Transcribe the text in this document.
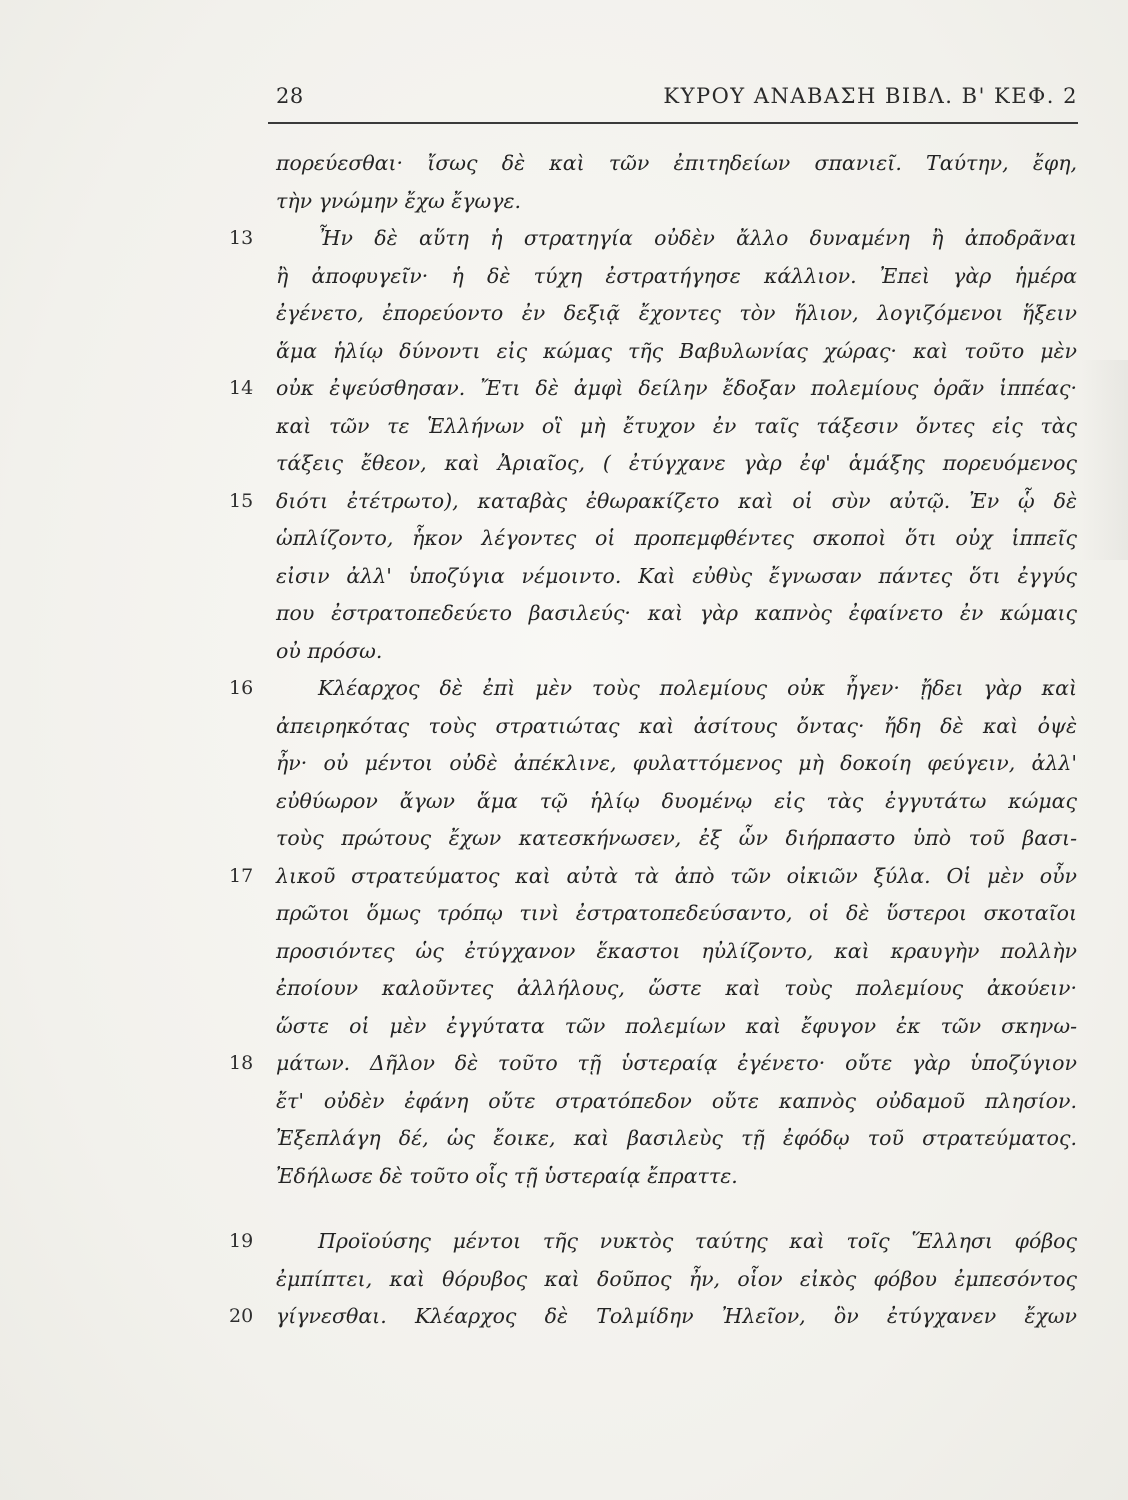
28	ΚΥΡΟΥ ΑΝΑΒΑΣΗ ΒΙΒΛ. Β' ΚΕΦ. 2
πορεύεσθαι· ἴσως δὲ καὶ τῶν ἐπιτηδείων σπανιεῖ. Ταύτην, ἔφη,
τὴν γνώμην ἔχω ἔγωγε.
13	Ἦν δὲ αὕτη ἡ στρατηγία οὐδὲν ἄλλο δυναμένη ἢ ἀποδρᾶναι
ἢ ἀποφυγεῖν· ἡ δὲ τύχη ἐστρατήγησε κάλλιον. Ἐπεὶ γὰρ ἡμέρα
ἐγένετο, ἐπορεύοντο ἐν δεξιᾷ ἔχοντες τὸν ἥλιον, λογιζόμενοι ἥξειν
ἅμα ἡλίῳ δύνοντι εἰς κώμας τῆς Βαβυλωνίας χώρας· καὶ τοῦτο μὲν
14	οὐκ ἐψεύσθησαν. Ἔτι δὲ ἀμφὶ δείλην ἔδοξαν πολεμίους ὁρᾶν ἱππέας·
καὶ τῶν τε Ἑλλήνων οἳ μὴ ἔτυχον ἐν ταῖς τάξεσιν ὄντες εἰς τὰς
τάξεις ἔθεον, καὶ Ἀριαῖος, ( ἐτύγχανε γὰρ ἐφ' ἁμάξης πορευόμενος
15	διότι ἐτέτρωτο), καταβὰς ἐθωρακίζετο καὶ οἱ σὺν αὐτῷ. Ἐν ᾧ δὲ
ὡπλίζοντο, ἧκον λέγοντες οἱ προπεμφθέντες σκοποὶ ὅτι οὐχ ἱππεῖς
εἰσιν ἀλλ' ὑποζύγια νέμοιντο. Καὶ εὐθὺς ἔγνωσαν πάντες ὅτι ἐγγύς
που ἐστρατοπεδεύετο βασιλεύς· καὶ γὰρ καπνὸς ἐφαίνετο ἐν κώμαις
οὐ πρόσω.
16	Κλέαρχος δὲ ἐπὶ μὲν τοὺς πολεμίους οὐκ ἦγεν· ᾔδει γὰρ καὶ
ἀπειρηκότας τοὺς στρατιώτας καὶ ἀσίτους ὄντας· ἤδη δὲ καὶ ὀψὲ
ἦν· οὐ μέντοι οὐδὲ ἀπέκλινε, φυλαττόμενος μὴ δοκοίη φεύγειν, ἀλλ'
εὐθύωρον ἄγων ἅμα τῷ ἡλίῳ δυομένῳ εἰς τὰς ἐγγυτάτω κώμας
τοὺς πρώτους ἔχων κατεσκήνωσεν, ἐξ ὧν διήρπαστο ὑπὸ τοῦ βασι-
17	λικοῦ στρατεύματος καὶ αὐτὰ τὰ ἀπὸ τῶν οἰκιῶν ξύλα. Οἱ μὲν οὖν
πρῶτοι ὅμως τρόπῳ τινὶ ἐστρατοπεδεύσαντο, οἱ δὲ ὕστεροι σκοταῖοι
προσιόντες ὡς ἐτύγχανον ἕκαστοι ηὐλίζοντο, καὶ κραυγὴν πολλὴν
ἐποίουν καλοῦντες ἀλλήλους, ὥστε καὶ τοὺς πολεμίους ἀκούειν·
ὥστε οἱ μὲν ἐγγύτατα τῶν πολεμίων καὶ ἔφυγον ἐκ τῶν σκηνω-
18	μάτων. Δῆλον δὲ τοῦτο τῇ ὑστεραίᾳ ἐγένετο· οὔτε γὰρ ὑποζύγιον
ἔτ' οὐδὲν ἐφάνη οὔτε στρατόπεδον οὔτε καπνὸς οὐδαμοῦ πλησίον.
Ἐξεπλάγη δέ, ὡς ἔοικε, καὶ βασιλεὺς τῇ ἐφόδῳ τοῦ στρατεύματος.
Ἐδήλωσε δὲ τοῦτο οἷς τῇ ὑστεραίᾳ ἔπραττε.
19	Προϊούσης μέντοι τῆς νυκτὸς ταύτης καὶ τοῖς Ἕλλησι φόβος
ἐμπίπτει, καὶ θόρυβος καὶ δοῦπος ἦν, οἷον εἰκὸς φόβου ἐμπεσόντος
20	γίγνεσθαι. Κλέαρχος δὲ Τολμίδην Ἠλεῖον, ὃν ἐτύγχανεν ἔχων
